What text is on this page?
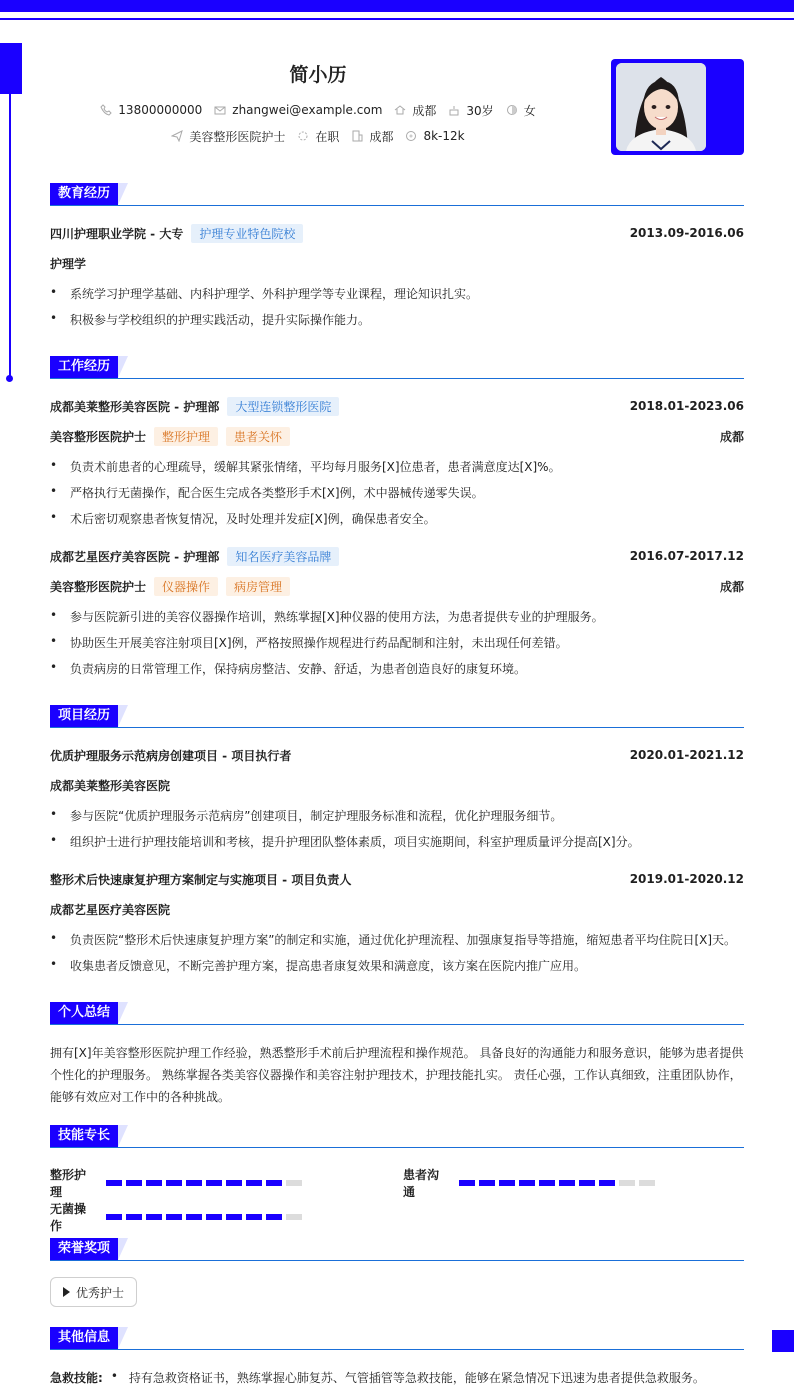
简小历
13800000000	zhangwei@example.com	成都	30岁	女
美容整形医院护士	在职	成都	8k-12k
教育经历
四川护理职业学院 - 大专	护理专业特色院校	2013.09-2016.06
护理学
•	系统学习护理学基础、内科护理学、外科护理学等专业课程，理论知识扎实。
•	积极参与学校组织的护理实践活动，提升实际操作能力。
工作经历
成都美莱整形美容医院 - 护理部	大型连锁整形医院	2018.01-2023.06
美容整形医院护士	整形护理	患者关怀	成都
•	负责术前患者的心理疏导，缓解其紧张情绪，平均每月服务[X]位患者，患者满意度达[X]%。
•	严格执行无菌操作，配合医生完成各类整形手术[X]例，术中器械传递零失误。
•	术后密切观察患者恢复情况，及时处理并发症[X]例，确保患者安全。
成都艺星医疗美容医院 - 护理部	知名医疗美容品牌	2016.07-2017.12
美容整形医院护士	仪器操作	病房管理	成都
•	参与医院新引进的美容仪器操作培训，熟练掌握[X]种仪器的使用方法，为患者提供专业的护理服务。
•	协助医生开展美容注射项目[X]例，严格按照操作规程进行药品配制和注射，未出现任何差错。
•	负责病房的日常管理工作，保持病房整洁、安静、舒适，为患者创造良好的康复环境。
项目经历
优质护理服务示范病房创建项目 - 项目执行者	2020.01-2021.12
成都美莱整形美容医院
•	参与医院“优质护理服务示范病房”创建项目，制定护理服务标准和流程，优化护理服务细节。
•	组织护士进行护理技能培训和考核，提升护理团队整体素质，项目实施期间，科室护理质量评分提高[X]分。
整形术后快速康复护理方案制定与实施项目 - 项目负责人	2019.01-2020.12
成都艺星医疗美容医院
•	负责医院“整形术后快速康复护理方案”的制定和实施，通过优化护理流程、加强康复指导等措施，缩短患者平均住院日[X]天。
•	收集患者反馈意见，不断完善护理方案，提高患者康复效果和满意度，该方案在医院内推广应用。
个人总结
拥有[X]年美容整形医院护理工作经验，熟悉整形手术前后护理流程和操作规范。 具备良好的沟通能力和服务意识，能够为患者提供
个性化的护理服务。 熟练掌握各类美容仪器操作和美容注射护理技术，护理技能扎实。 责任心强，工作认真细致，注重团队协作，
能够有效应对工作中的各种挑战。
技能专长
整形护理
患者沟通
无菌操作
荣誉奖项
优秀护士
其他信息
急救技能: • 持有急救资格证书，熟练掌握心肺复苏、气管插管等急救技能，能够在紧急情况下迅速为患者提供急救服务。
